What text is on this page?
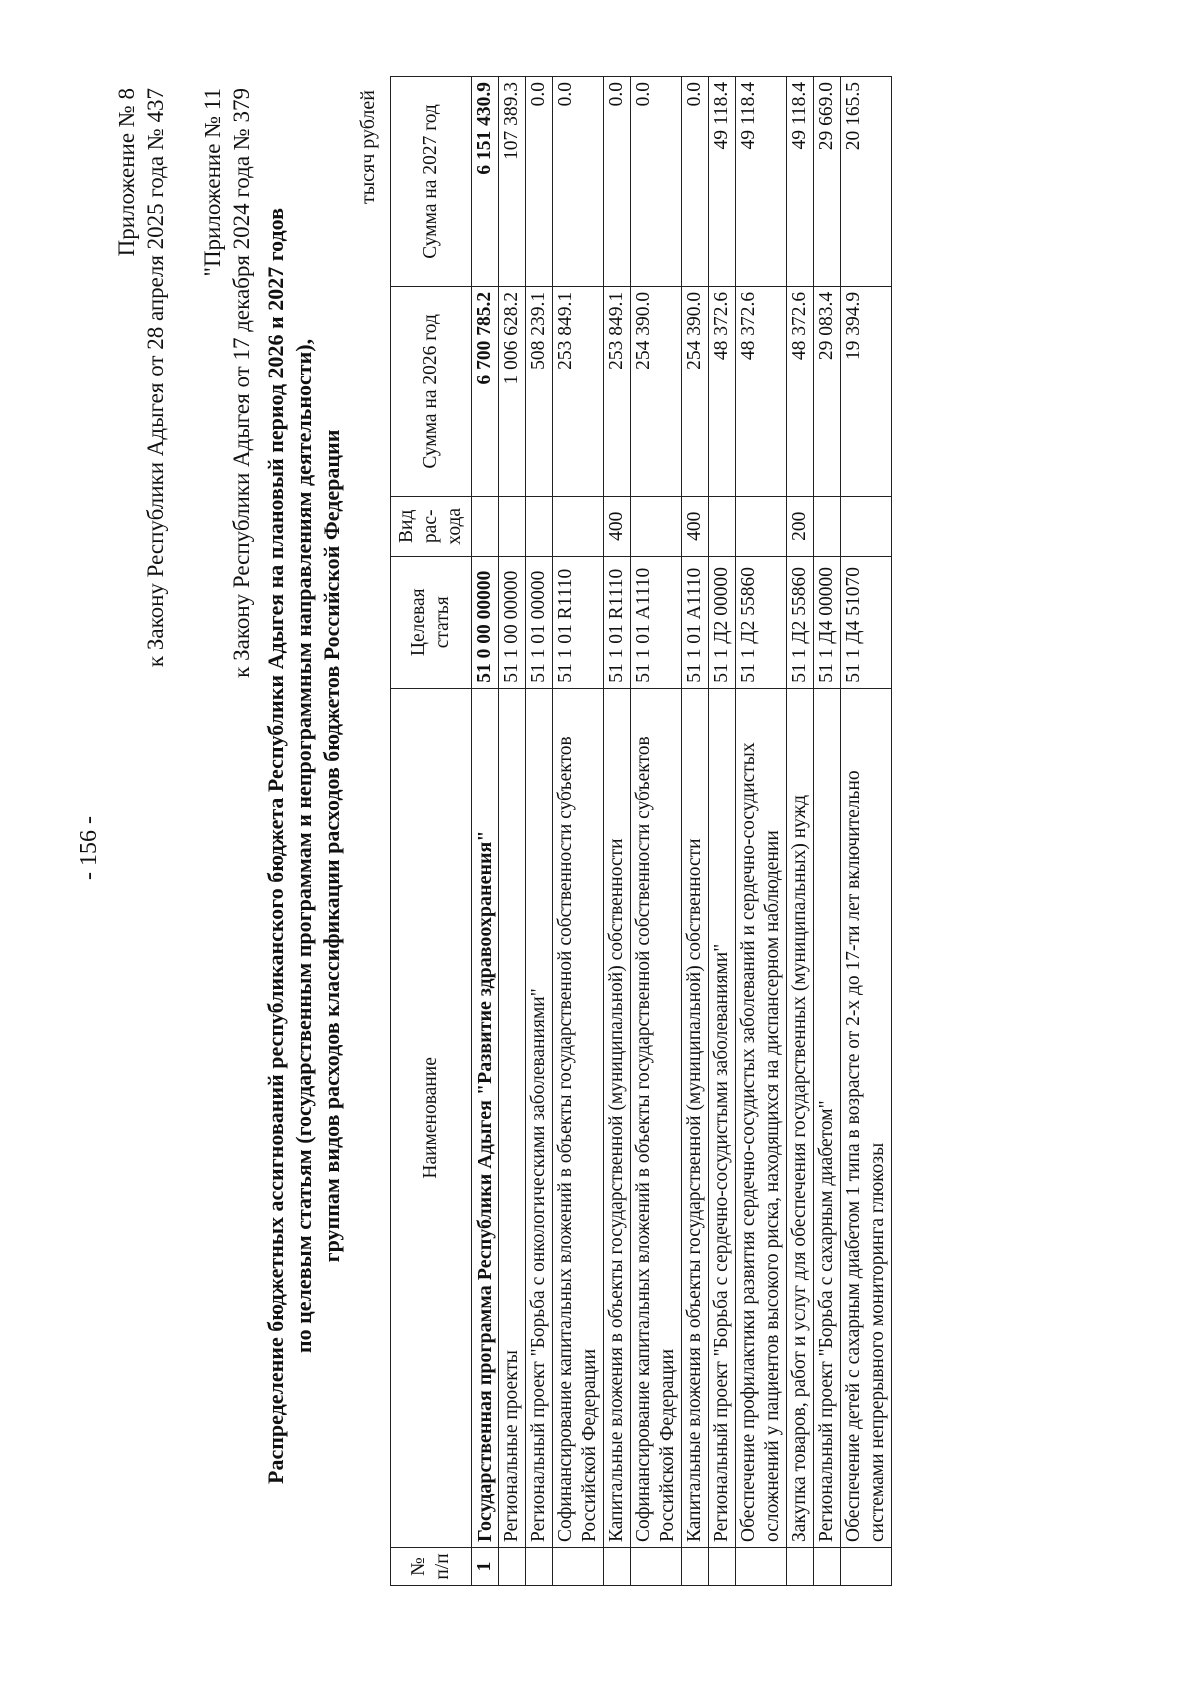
- 156 -
Приложение № 8 к Закону Республики Адыгея от 28 апреля 2025 года № 437 "Приложение № 11 к Закону Республики Адыгея от 17 декабря 2024 года № 379 Распределение бюджетных ассигнований республиканского бюджета Республики Адыгея на плановый период 2026 и 2027 годов по целевым статьям (государственным программам и непрограммным направлениям деятельности), группам видов расходов классификации расходов бюджетов Российской Федерации
тысяч рублей
№ п/п	Наименование	Целевая статья	Вид рас-хода	Сумма на 2026 год	Сумма на 2027 год
1	Государственная программа Республики Адыгея "Развитие здравоохранения"	51 0 00 00000		6 700 785.2	6 151 430.9
	Региональные проекты	51 1 00 00000		1 006 628.2	107 389.3
	Региональный проект "Борьба с онкологическими заболеваниями"	51 1 01 00000		508 239.1	0.0
	Софинансирование капитальных вложений в объекты государственной собственности субъектов Российской Федерации	51 1 01 R1110		253 849.1	0.0
	Капитальные вложения в объекты государственной (муниципальной) собственности	51 1 01 R1110	400	253 849.1	0.0
	Софинансирование капитальных вложений в объекты государственной собственности субъектов Российской Федерации	51 1 01 А1110		254 390.0	0.0
	Капитальные вложения в объекты государственной (муниципальной) собственности	51 1 01 А1110	400	254 390.0	0.0
	Региональный проект "Борьба с сердечно-сосудистыми заболеваниями"	51 1 Д2 00000		48 372.6	49 118.4
	Обеспечение профилактики развития сердечно-сосудистых заболеваний и сердечно-сосудистых осложнений у пациентов высокого риска, находящихся на диспансерном наблюдении	51 1 Д2 55860		48 372.6	49 118.4
	Закупка товаров, работ и услуг для обеспечения государственных (муниципальных) нужд	51 1 Д2 55860	200	48 372.6	49 118.4
	Региональный проект "Борьба с сахарным диабетом"	51 1 Д4 00000		29 083.4	29 669.0
	Обеспечение детей с сахарным диабетом 1 типа в возрасте от 2-х до 17-ти лет включительно системами непрерывного мониторинга глюкозы	51 1 Д4 51070		19 394.9	20 165.5
